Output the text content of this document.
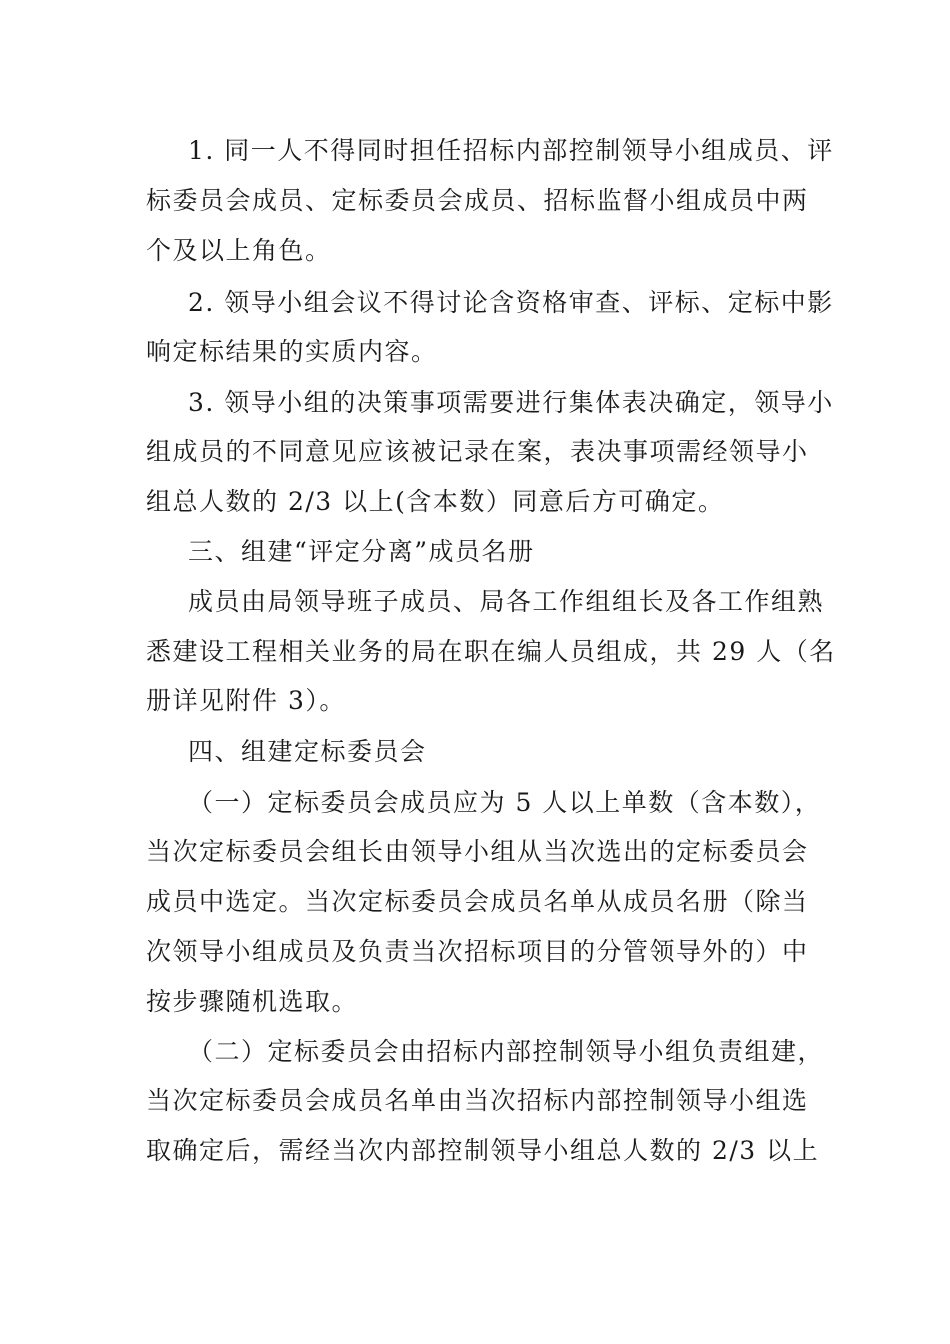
1. 同一人不得同时担任招标内部控制领导小组成员、评
标委员会成员、定标委员会成员、招标监督小组成员中两
个及以上角色。
2. 领导小组会议不得讨论含资格审查、评标、定标中影
响定标结果的实质内容。
3. 领导小组的决策事项需要进行集体表决确定，领导小
组成员的不同意见应该被记录在案，表决事项需经领导小
组总人数的 2/3 以上(含本数）同意后方可确定。
三、组建“评定分离”成员名册
成员由局领导班子成员、局各工作组组长及各工作组熟
悉建设工程相关业务的局在职在编人员组成，共 29 人（名
册详见附件 3）。
四、组建定标委员会
（一）定标委员会成员应为 5 人以上单数（含本数），
当次定标委员会组长由领导小组从当次选出的定标委员会
成员中选定。当次定标委员会成员名单从成员名册（除当
次领导小组成员及负责当次招标项目的分管领导外的）中
按步骤随机选取。
（二）定标委员会由招标内部控制领导小组负责组建，
当次定标委员会成员名单由当次招标内部控制领导小组选
取确定后，需经当次内部控制领导小组总人数的 2/3 以上
